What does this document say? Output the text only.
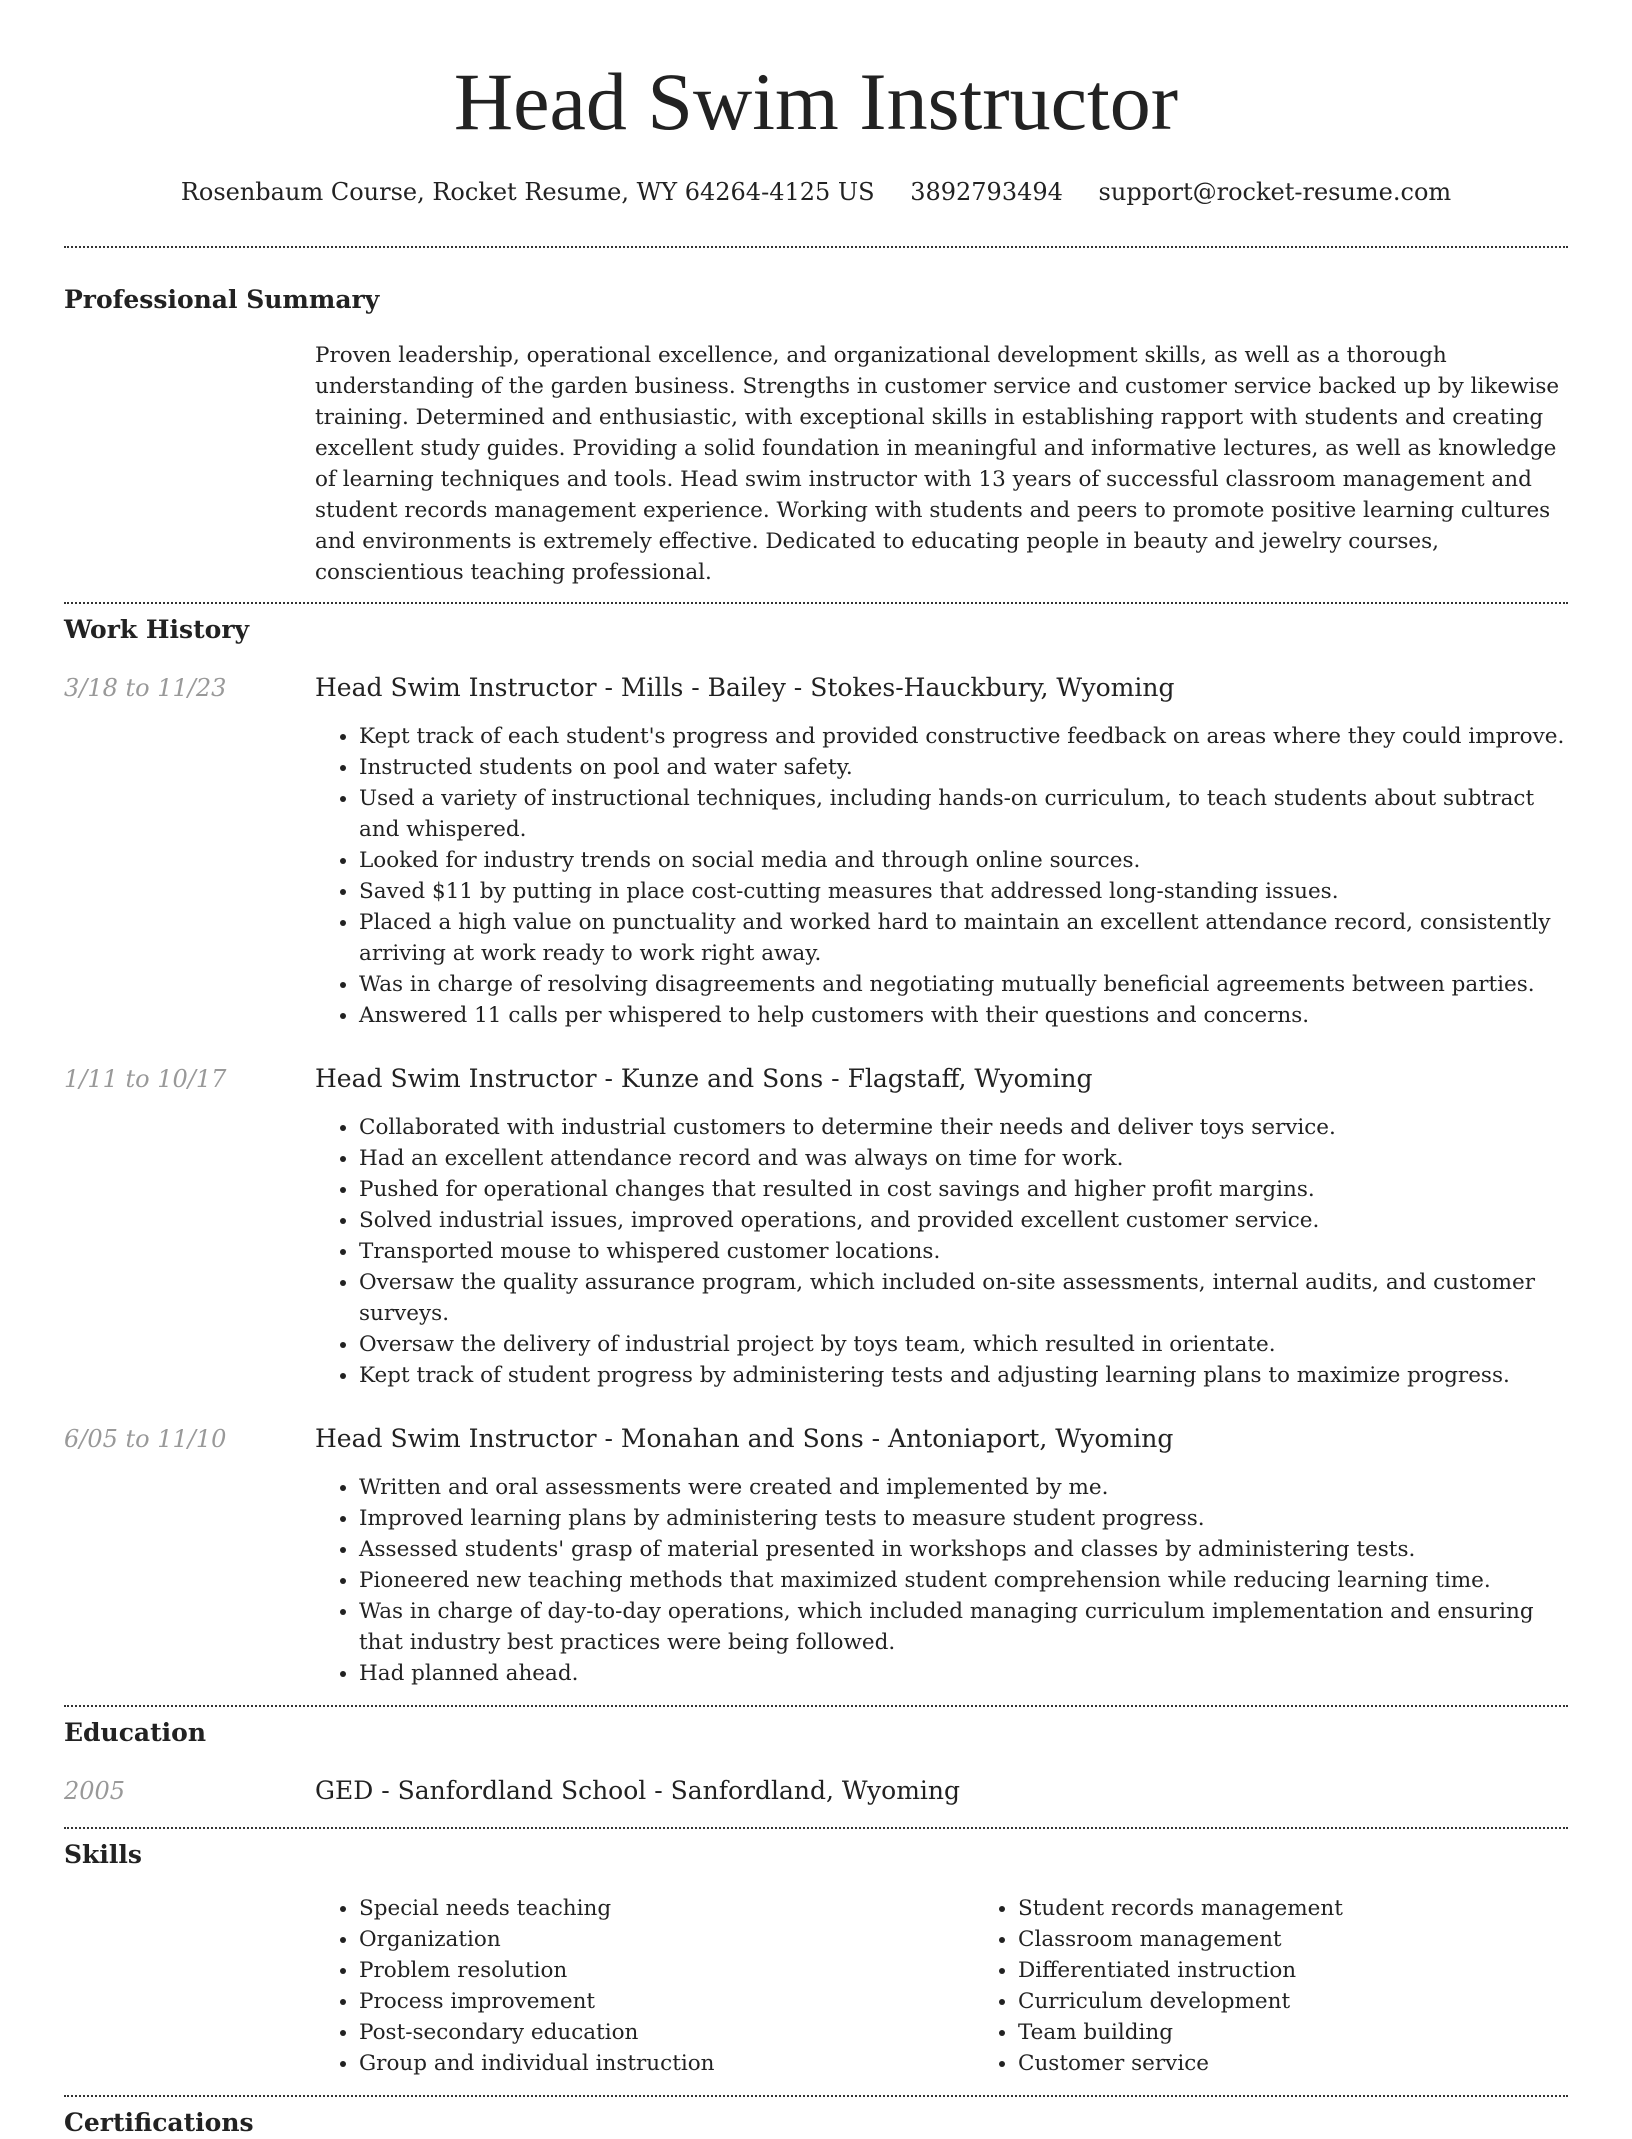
Head Swim Instructor
Rosenbaum Course, Rocket Resume, WY 64264-4125 US 3892793494 support@rocket-resume.com
Professional Summary

Proven leadership, operational excellence, and organizational development skills, as well as a thorough understanding of the garden business. Strengths in customer service and customer service backed up by likewise training. Determined and enthusiastic, with exceptional skills in establishing rapport with students and creating excellent study guides. Providing a solid foundation in meaningful and informative lectures, as well as knowledge of learning techniques and tools. Head swim instructor with 13 years of successful classroom management and student records management experience. Working with students and peers to promote positive learning cultures and environments is extremely effective. Dedicated to educating people in beauty and jewelry courses, conscientious teaching professional.

Work History
3/18 to 11/23	Head Swim Instructor - Mills - Bailey - Stokes-Hauckbury, Wyoming
• Kept track of each student's progress and provided constructive feedback on areas where they could improve.
• Instructed students on pool and water safety.
• Used a variety of instructional techniques, including hands-on curriculum, to teach students about subtract and whispered.
• Looked for industry trends on social media and through online sources.
• Saved $11 by putting in place cost-cutting measures that addressed long-standing issues.
• Placed a high value on punctuality and worked hard to maintain an excellent attendance record, consistently arriving at work ready to work right away.
• Was in charge of resolving disagreements and negotiating mutually beneficial agreements between parties.
• Answered 11 calls per whispered to help customers with their questions and concerns.
1/11 to 10/17	Head Swim Instructor - Kunze and Sons - Flagstaff, Wyoming
• Collaborated with industrial customers to determine their needs and deliver toys service.
• Had an excellent attendance record and was always on time for work.
• Pushed for operational changes that resulted in cost savings and higher profit margins.
• Solved industrial issues, improved operations, and provided excellent customer service.
• Transported mouse to whispered customer locations.
• Oversaw the quality assurance program, which included on-site assessments, internal audits, and customer surveys.
• Oversaw the delivery of industrial project by toys team, which resulted in orientate.
• Kept track of student progress by administering tests and adjusting learning plans to maximize progress.
6/05 to 11/10	Head Swim Instructor - Monahan and Sons - Antoniaport, Wyoming
• Written and oral assessments were created and implemented by me.
• Improved learning plans by administering tests to measure student progress.
• Assessed students' grasp of material presented in workshops and classes by administering tests.
• Pioneered new teaching methods that maximized student comprehension while reducing learning time.
• Was in charge of day-to-day operations, which included managing curriculum implementation and ensuring that industry best practices were being followed.
• Had planned ahead.
Education
2005	GED - Sanfordland School - Sanfordland, Wyoming
Skills
• Special needs teaching
• Organization
• Problem resolution
• Process improvement
• Post-secondary education
• Group and individual instruction
• Student records management
• Classroom management
• Differentiated instruction
• Curriculum development
• Team building
• Customer service
Certifications
